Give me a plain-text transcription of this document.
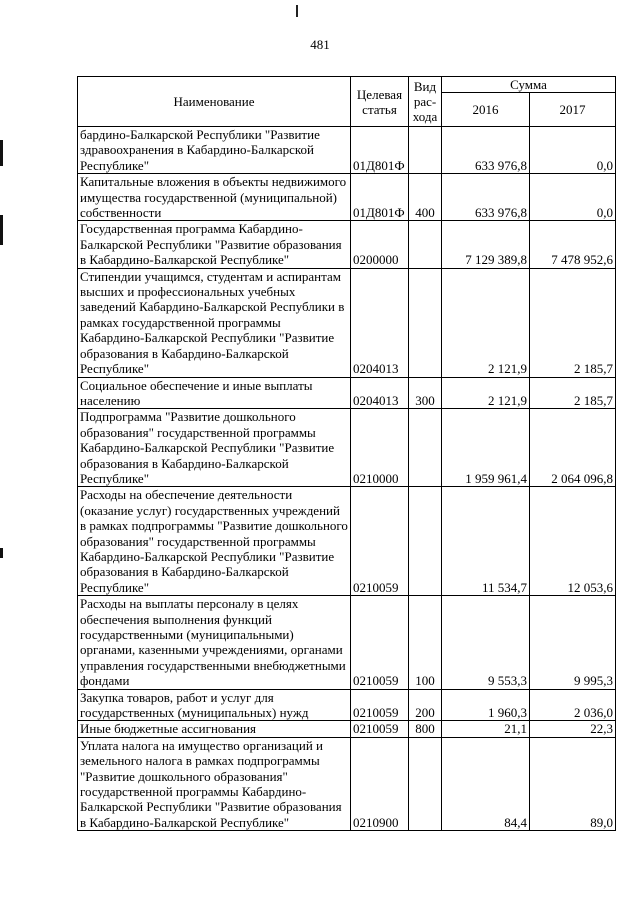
481
Наименование	Целевая статья	Вид рас-хода	Сумма	
			2016	2017
бардино-Балкарской Республики "Развитие здравоохранения в Кабардино-Балкарской Республике"	01Д801Ф		633 976,8	0,0
Капитальные вложения в объекты недвижимого имущества государственной (муниципальной) собственности	01Д801Ф	400	633 976,8	0,0
Государственная программа Кабардино-Балкарской Республики "Развитие образования в Кабардино-Балкарской Республике"	0200000		7 129 389,8	7 478 952,6
Стипендии учащимся, студентам и аспирантам высших и профессиональных учебных заведений Кабардино-Балкарской Республики в рамках государственной программы Кабардино-Балкарской Республики "Развитие образования в Кабардино-Балкарской Республике"	0204013		2 121,9	2 185,7
Социальное обеспечение и иные выплаты населению	0204013	300	2 121,9	2 185,7
Подпрограмма "Развитие дошкольного образования" государственной программы Кабардино-Балкарской Республики "Развитие образования в Кабардино-Балкарской Республике"	0210000		1 959 961,4	2 064 096,8
Расходы на обеспечение деятельности (оказание услуг) государственных учреждений в рамках подпрограммы "Развитие дошкольного образования" государственной программы Кабардино-Балкарской Республики "Развитие образования в Кабардино-Балкарской Республике"	0210059		11 534,7	12 053,6
Расходы на выплаты персоналу в целях обеспечения выполнения функций государственными (муниципальными) органами, казенными учреждениями, органами управления государственными внебюджетными фондами	0210059	100	9 553,3	9 995,3
Закупка товаров, работ и услуг для государственных (муниципальных) нужд	0210059	200	1 960,3	2 036,0
Иные бюджетные ассигнования	0210059	800	21,1	22,3
Уплата налога на имущество организаций и земельного налога в рамках подпрограммы "Развитие дошкольного образования" государственной программы Кабардино-Балкарской Республики "Развитие образования в Кабардино-Балкарской Республике"	0210900		84,4	89,0
